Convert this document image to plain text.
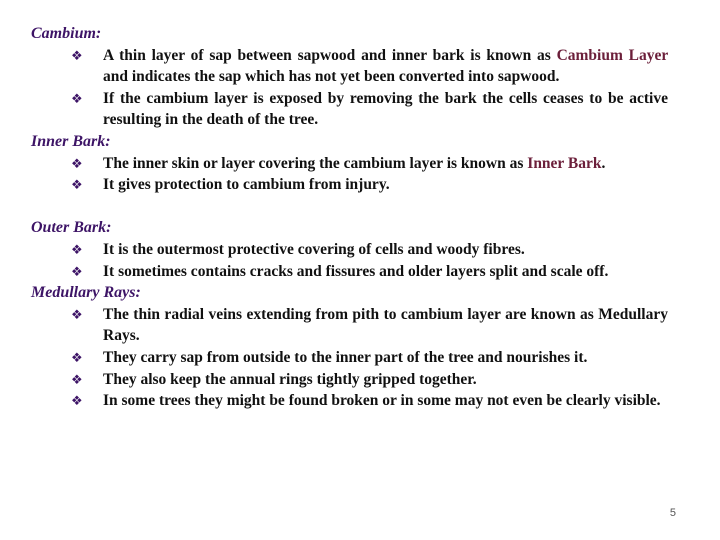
Cambium:
❖	A thin layer of sap between sapwood and inner bark is known as Cambium Layer and indicates the sap which has not yet been converted into sapwood.
❖	If the cambium layer is exposed by removing the bark the cells ceases to be active resulting in the death of the tree.
Inner Bark:
❖	The inner skin or layer covering the cambium layer is known as Inner Bark.
❖	It gives protection to cambium from injury.
Outer Bark:
❖	It is the outermost protective covering of cells and woody fibres.
❖	It sometimes contains cracks and fissures and older layers split and scale off.
Medullary Rays:
❖	The thin radial veins extending from pith to cambium layer are known as Medullary Rays.
❖	They carry sap from outside to the inner part of the tree and nourishes it.
❖	They also keep the annual rings tightly gripped together.
❖	In some trees they might be found broken or in some may not even be clearly visible.
5
